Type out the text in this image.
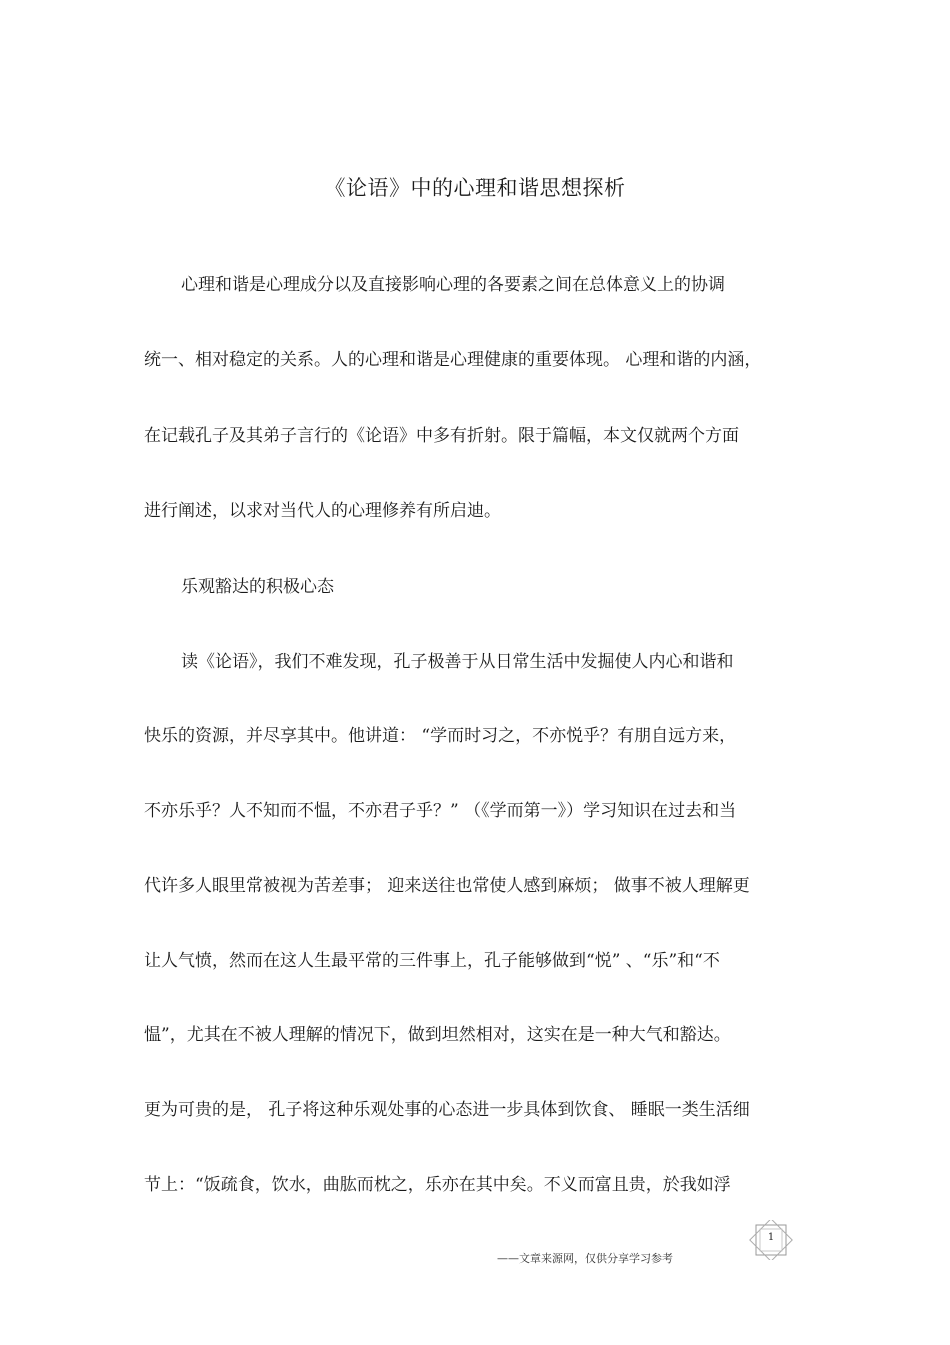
《论语》中的心理和谐思想探析
心理和谐是心理成分以及直接影响心理的各要素之间在总体意义上的协调
统一、相对稳定的关系。人的心理和谐是心理健康的重要体现。 心理和谐的内涵，
在记载孔子及其弟子言行的《论语》中多有折射。限于篇幅，本文仅就两个方面
进行阐述，以求对当代人的心理修养有所启迪。
乐观豁达的积极心态
读《论语》，我们不难发现，孔子极善于从日常生活中发掘使人内心和谐和
快乐的资源，并尽享其中。他讲道： “学而时习之，不亦悦乎？有朋自远方来，
不亦乐乎？人不知而不愠，不亦君子乎？” （《学而第一》）学习知识在过去和当
代许多人眼里常被视为苦差事； 迎来送往也常使人感到麻烦； 做事不被人理解更
让人气愤，然而在这人生最平常的三件事上，孔子能够做到“悦” 、“乐”和“不
愠”，尤其在不被人理解的情况下，做到坦然相对，这实在是一种大气和豁达。
更为可贵的是， 孔子将这种乐观处事的心态进一步具体到饮食、 睡眠一类生活细
节上：“饭疏食，饮水，曲肱而枕之，乐亦在其中矣。不义而富且贵，於我如浮
1
——文章来源网，仅供分享学习参考
